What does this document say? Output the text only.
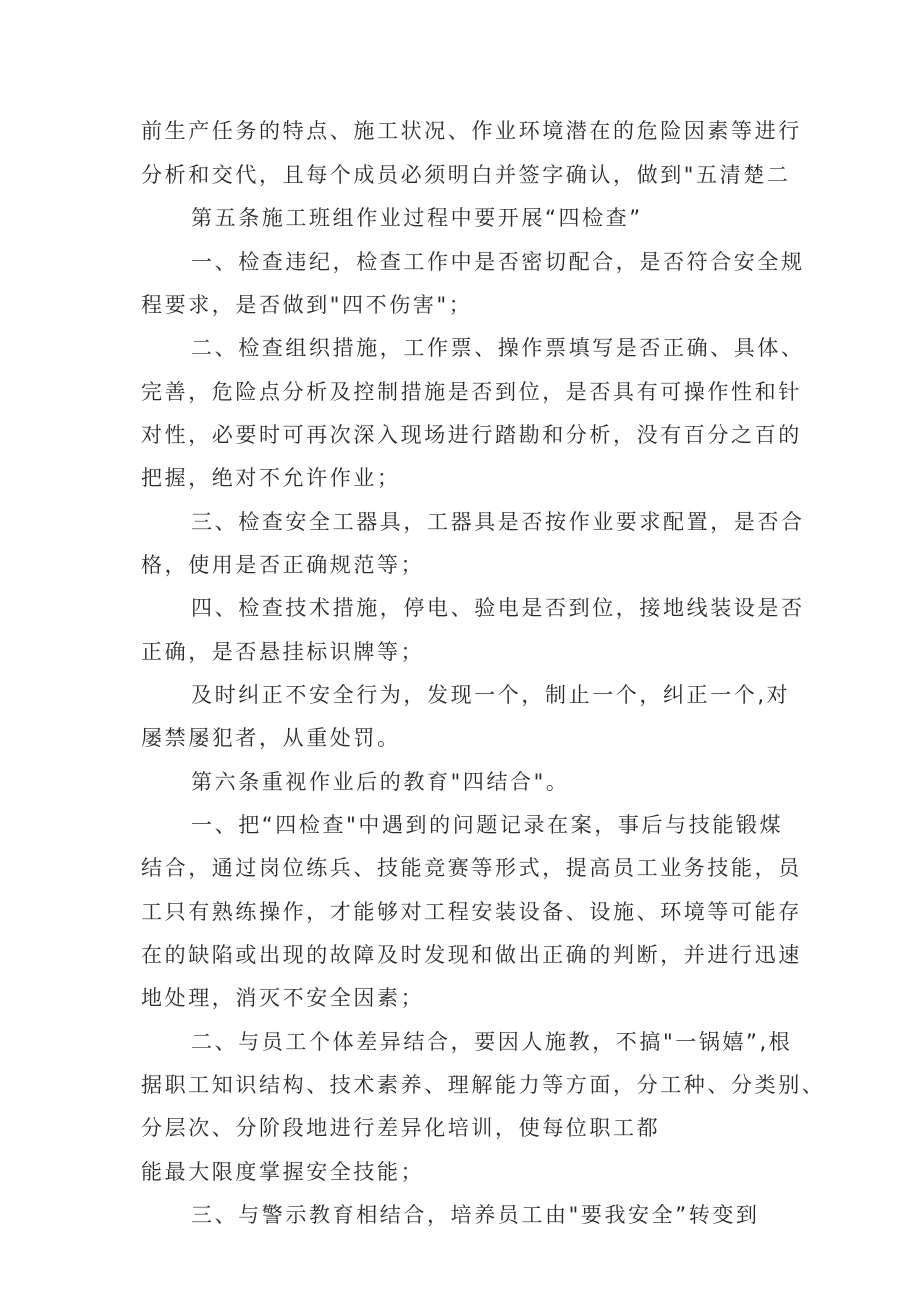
前生产任务的特点、施工状况、作业环境潜在的危险因素等进行
分析和交代，且每个成员必须明白并签字确认，做到"五清楚二
第五条施工班组作业过程中要开展“四检查”
一、检查违纪，检查工作中是否密切配合，是否符合安全规
程要求，是否做到"四不伤害"；
二、检查组织措施，工作票、操作票填写是否正确、具体、
完善，危险点分析及控制措施是否到位，是否具有可操作性和针
对性，必要时可再次深入现场进行踏勘和分析，没有百分之百的
把握，绝对不允许作业；
三、检查安全工器具，工器具是否按作业要求配置，是否合
格，使用是否正确规范等；
四、检查技术措施，停电、验电是否到位，接地线装设是否
正确，是否悬挂标识牌等；
及时纠正不安全行为，发现一个，制止一个，纠正一个,对
屡禁屡犯者，从重处罚。
第六条重视作业后的教育"四结合"。
一、把“四检查"中遇到的问题记录在案，事后与技能锻煤
结合，通过岗位练兵、技能竞赛等形式，提高员工业务技能，员
工只有熟练操作，才能够对工程安装设备、设施、环境等可能存
在的缺陷或出现的故障及时发现和做出正确的判断，并进行迅速
地处理，消灭不安全因素；
二、与员工个体差异结合，要因人施教，不搞"一锅嬉”,根
据职工知识结构、技术素养、理解能力等方面，分工种、分类别、
分层次、分阶段地进行差异化培训，使每位职工都
能最大限度掌握安全技能；
三、与警示教育相结合，培养员工由"要我安全”转变到
